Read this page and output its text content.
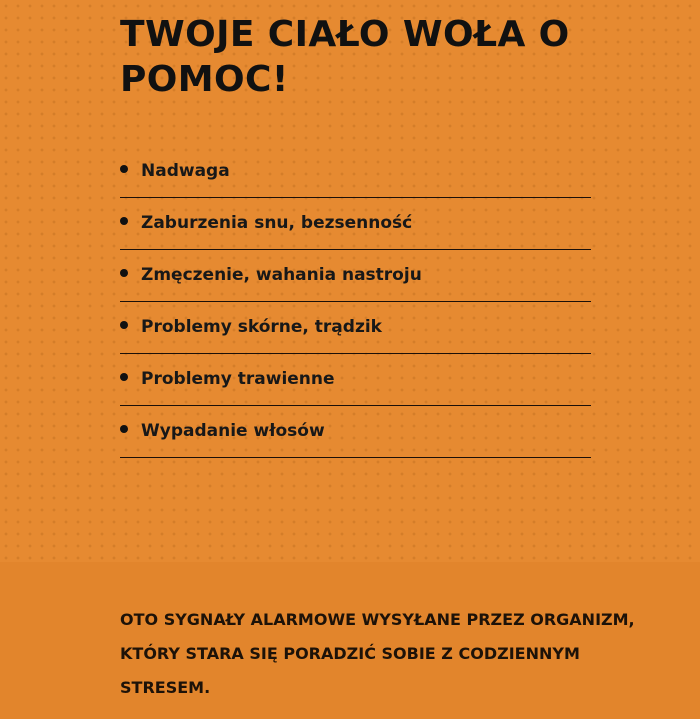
TWOJE CIAŁO WOŁA O POMOC!
Nadwaga
Zaburzenia snu, bezsenność
Zmęczenie, wahania nastroju
Problemy skórne, trądzik
Problemy trawienne
Wypadanie włosów

OTO SYGNAŁY ALARMOWE WYSYŁANE PRZEZ ORGANIZM, KTÓRY STARA SIĘ PORADZIĆ SOBIE Z CODZIENNYM STRESEM.
